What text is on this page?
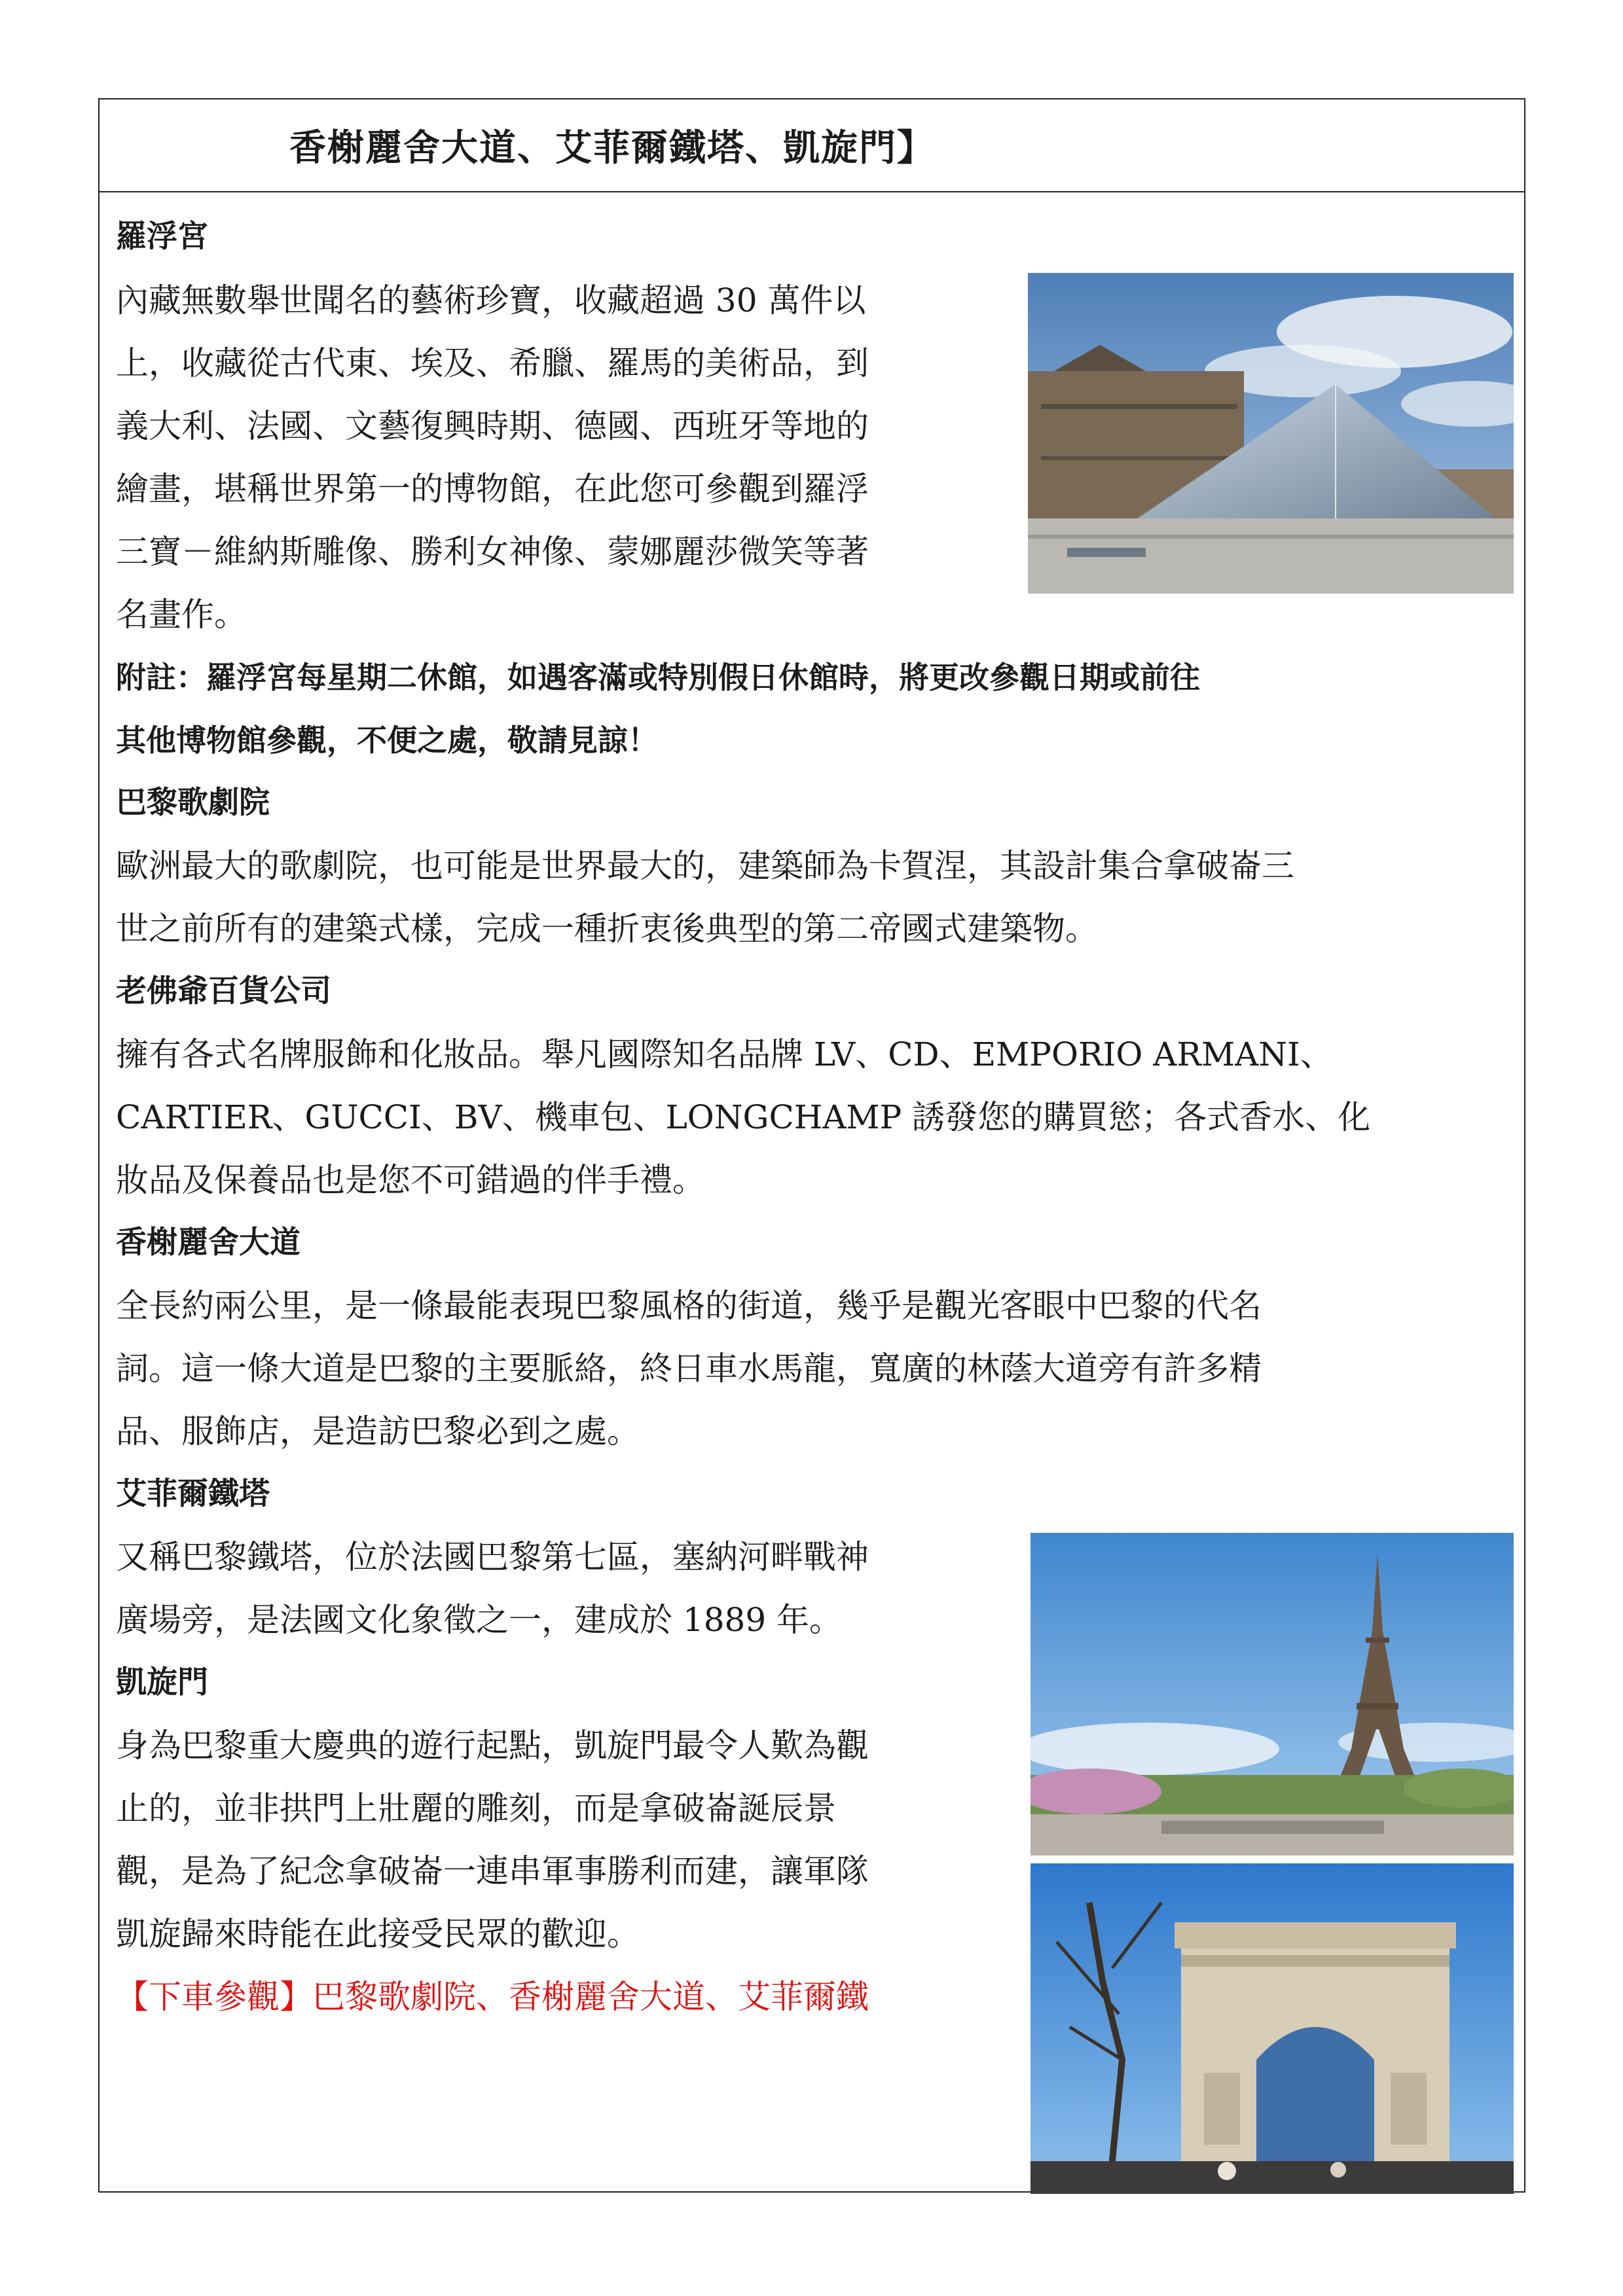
香榭麗舍大道、艾菲爾鐵塔、凱旋門】
羅浮宮
內藏無數舉世聞名的藝術珍寶，收藏超過 30 萬件以
上，收藏從古代東、埃及、希臘、羅馬的美術品，到
義大利、法國、文藝復興時期、德國、西班牙等地的
繪畫，堪稱世界第一的博物館，在此您可參觀到羅浮
三寶－維納斯雕像、勝利女神像、蒙娜麗莎微笑等著
名畫作。
附註：羅浮宮每星期二休館，如遇客滿或特別假日休館時，將更改參觀日期或前往
其他博物館參觀，不便之處，敬請見諒！
巴黎歌劇院
歐洲最大的歌劇院，也可能是世界最大的，建築師為卡賀涅，其設計集合拿破崙三
世之前所有的建築式樣，完成一種折衷後典型的第二帝國式建築物。
老佛爺百貨公司
擁有各式名牌服飾和化妝品。舉凡國際知名品牌 LV、CD、EMPORIO ARMANI、
CARTIER、GUCCI、BV、機車包、LONGCHAMP 誘發您的購買慾；各式香水、化
妝品及保養品也是您不可錯過的伴手禮。
香榭麗舍大道
全長約兩公里，是一條最能表現巴黎風格的街道，幾乎是觀光客眼中巴黎的代名
詞。這一條大道是巴黎的主要脈絡，終日車水馬龍，寬廣的林蔭大道旁有許多精
品、服飾店，是造訪巴黎必到之處。
艾菲爾鐵塔
又稱巴黎鐵塔，位於法國巴黎第七區，塞納河畔戰神
廣場旁，是法國文化象徵之一，建成於 1889 年。
凱旋門
身為巴黎重大慶典的遊行起點，凱旋門最令人歎為觀
止的，並非拱門上壯麗的雕刻，而是拿破崙誕辰景
觀，是為了紀念拿破崙一連串軍事勝利而建，讓軍隊
凱旋歸來時能在此接受民眾的歡迎。
【下車參觀】巴黎歌劇院、香榭麗舍大道、艾菲爾鐵
